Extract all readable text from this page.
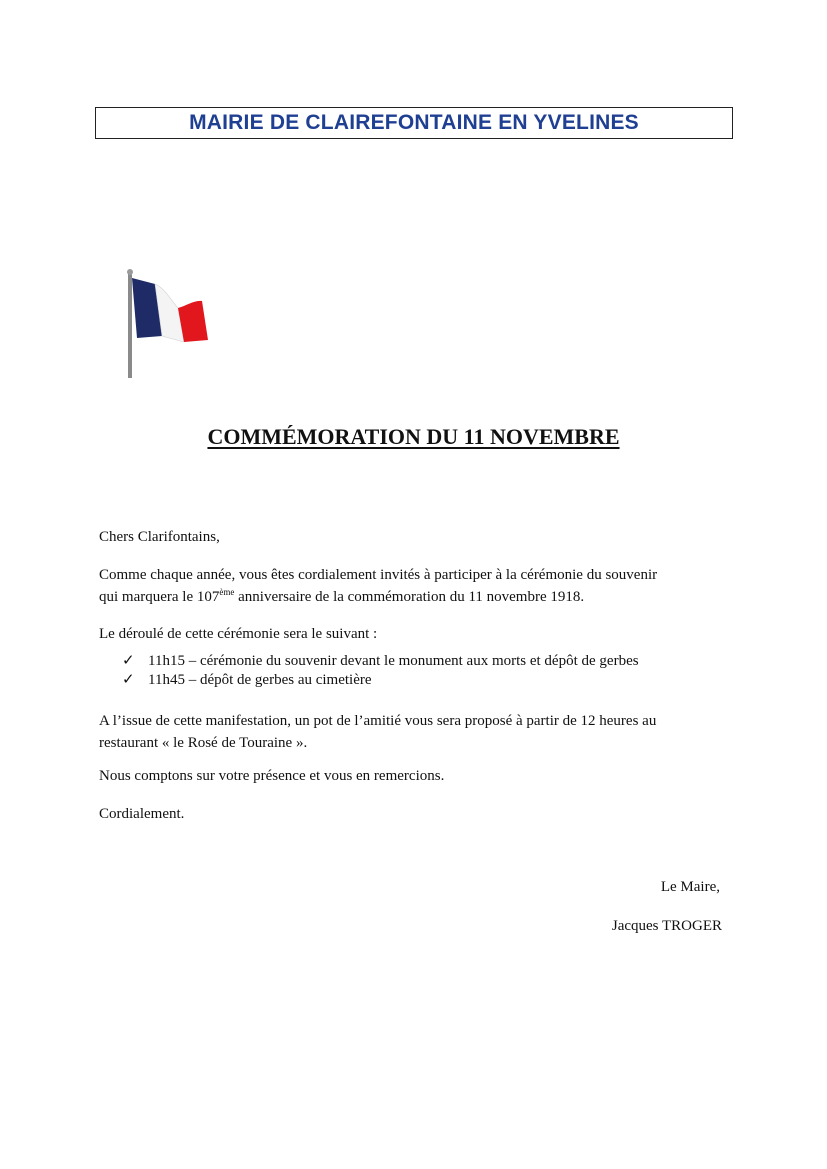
MAIRIE DE CLAIREFONTAINE EN YVELINES
COMMÉMORATION DU 11 NOVEMBRE
Chers Clarifontains,
Comme chaque année, vous êtes cordialement invités à participer à la cérémonie du souvenir
qui marquera le 107ème anniversaire de la commémoration du 11 novembre 1918.
Le déroulé de cette cérémonie sera le suivant :
✓ 11h15 – cérémonie du souvenir devant le monument aux morts et dépôt de gerbes
✓ 11h45 – dépôt de gerbes au cimetière
A l’issue de cette manifestation, un pot de l’amitié vous sera proposé à partir de 12 heures au
restaurant « le Rosé de Touraine ».
Nous comptons sur votre présence et vous en remercions.
Cordialement.
Le Maire,
Jacques TROGER
